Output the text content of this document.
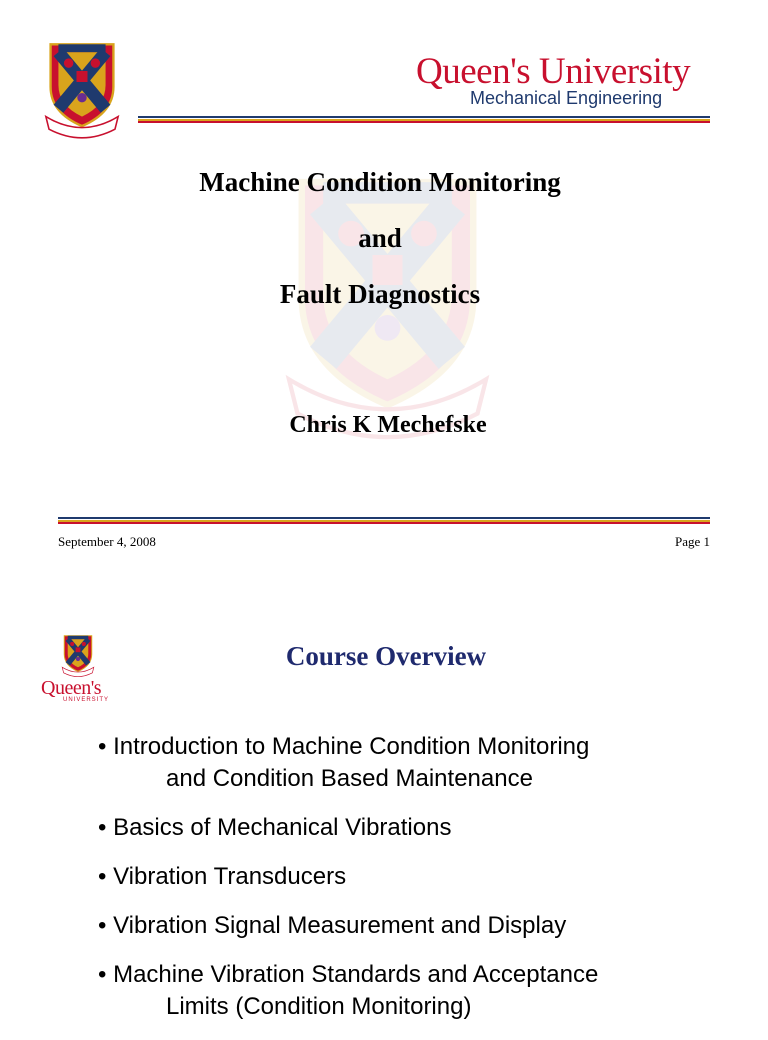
Queen's University
Mechanical Engineering
Machine Condition Monitoring
and
Fault Diagnostics
Chris K Mechefske
September 4, 2008	Page 1
Queen's
UNIVERSITY
Course Overview
• Introduction to Machine Condition Monitoring
and Condition Based Maintenance
• Basics of Mechanical Vibrations
• Vibration Transducers
• Vibration Signal Measurement and Display
• Machine Vibration Standards and Acceptance
Limits (Condition Monitoring)
